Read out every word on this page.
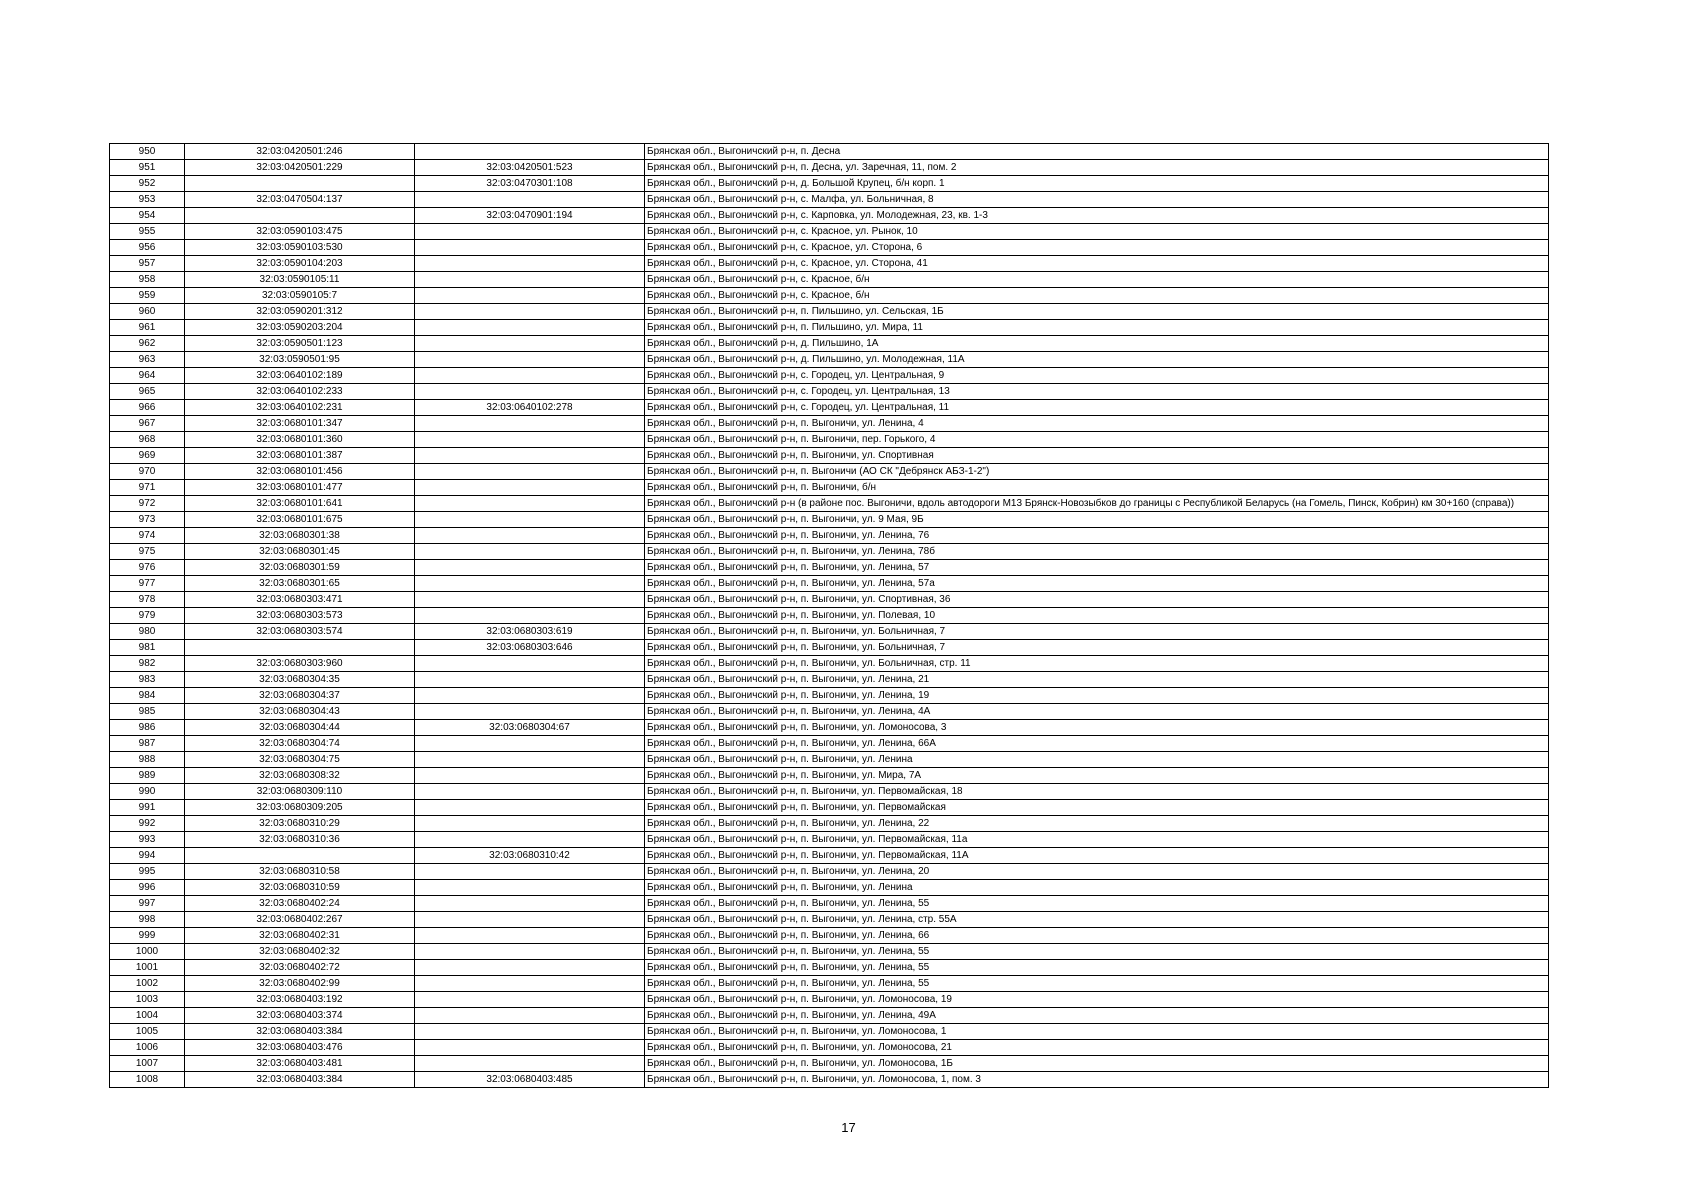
950	32:03:0420501:246		Брянская обл., Выгоничский р-н, п. Десна
951	32:03:0420501:229	32:03:0420501:523	Брянская обл., Выгоничский р-н, п. Десна, ул. Заречная, 11, пом. 2
952		32:03:0470301:108	Брянская обл., Выгоничский р-н, д. Большой Крупец, б/н корп. 1
953	32:03:0470504:137		Брянская обл., Выгоничский р-н, с. Малфа, ул. Больничная, 8
954		32:03:0470901:194	Брянская обл., Выгоничский р-н, с. Карповка, ул. Молодежная, 23, кв. 1-3
955	32:03:0590103:475		Брянская обл., Выгоничский р-н, с. Красное, ул. Рынок, 10
956	32:03:0590103:530		Брянская обл., Выгоничский р-н, с. Красное, ул. Сторона, 6
957	32:03:0590104:203		Брянская обл., Выгоничский р-н, с. Красное, ул. Сторона, 41
958	32:03:0590105:11		Брянская обл., Выгоничский р-н, с. Красное, б/н
959	32:03:0590105:7		Брянская обл., Выгоничский р-н, с. Красное, б/н
960	32:03:0590201:312		Брянская обл., Выгоничский р-н, п. Пильшино, ул. Сельская, 1Б
961	32:03:0590203:204		Брянская обл., Выгоничский р-н, п. Пильшино, ул. Мира, 11
962	32:03:0590501:123		Брянская обл., Выгоничский р-н, д. Пильшино, 1А
963	32:03:0590501:95		Брянская обл., Выгоничский р-н, д. Пильшино, ул. Молодежная, 11А
964	32:03:0640102:189		Брянская обл., Выгоничский р-н, с. Городец, ул. Центральная, 9
965	32:03:0640102:233		Брянская обл., Выгоничский р-н, с. Городец, ул. Центральная, 13
966	32:03:0640102:231	32:03:0640102:278	Брянская обл., Выгоничский р-н, с. Городец, ул. Центральная, 11
967	32:03:0680101:347		Брянская обл., Выгоничский р-н, п. Выгоничи, ул. Ленина, 4
968	32:03:0680101:360		Брянская обл., Выгоничский р-н, п. Выгоничи, пер. Горького, 4
969	32:03:0680101:387		Брянская обл., Выгоничский р-н, п. Выгоничи, ул. Спортивная
970	32:03:0680101:456		Брянская обл., Выгоничский р-н, п. Выгоничи (АО СК "Дебрянск АБЗ-1-2")
971	32:03:0680101:477		Брянская обл., Выгоничский р-н, п. Выгоничи, б/н
972	32:03:0680101:641		Брянская обл., Выгоничский р-н (в районе пос. Выгоничи, вдоль автодороги М13 Брянск-Новозыбков до границы с Республикой Беларусь (на Гомель, Пинск, Кобрин) км 30+160 (справа))
973	32:03:0680101:675		Брянская обл., Выгоничский р-н, п. Выгоничи, ул. 9 Мая, 9Б
974	32:03:0680301:38		Брянская обл., Выгоничский р-н, п. Выгоничи, ул. Ленина, 76
975	32:03:0680301:45		Брянская обл., Выгоничский р-н, п. Выгоничи, ул. Ленина, 78б
976	32:03:0680301:59		Брянская обл., Выгоничский р-н, п. Выгоничи, ул. Ленина, 57
977	32:03:0680301:65		Брянская обл., Выгоничский р-н, п. Выгоничи, ул. Ленина, 57а
978	32:03:0680303:471		Брянская обл., Выгоничский р-н, п. Выгоничи, ул. Спортивная, 36
979	32:03:0680303:573		Брянская обл., Выгоничский р-н, п. Выгоничи, ул. Полевая, 10
980	32:03:0680303:574	32:03:0680303:619	Брянская обл., Выгоничский р-н, п. Выгоничи, ул. Больничная, 7
981		32:03:0680303:646	Брянская обл., Выгоничский р-н, п. Выгоничи, ул. Больничная, 7
982	32:03:0680303:960		Брянская обл., Выгоничский р-н, п. Выгоничи, ул. Больничная, стр. 11
983	32:03:0680304:35		Брянская обл., Выгоничский р-н, п. Выгоничи, ул. Ленина, 21
984	32:03:0680304:37		Брянская обл., Выгоничский р-н, п. Выгоничи, ул. Ленина, 19
985	32:03:0680304:43		Брянская обл., Выгоничский р-н, п. Выгоничи, ул. Ленина, 4А
986	32:03:0680304:44	32:03:0680304:67	Брянская обл., Выгоничский р-н, п. Выгоничи, ул. Ломоносова, 3
987	32:03:0680304:74		Брянская обл., Выгоничский р-н, п. Выгоничи, ул. Ленина, 66А
988	32:03:0680304:75		Брянская обл., Выгоничский р-н, п. Выгоничи, ул. Ленина
989	32:03:0680308:32		Брянская обл., Выгоничский р-н, п. Выгоничи, ул. Мира, 7А
990	32:03:0680309:110		Брянская обл., Выгоничский р-н, п. Выгоничи, ул. Первомайская, 18
991	32:03:0680309:205		Брянская обл., Выгоничский р-н, п. Выгоничи, ул. Первомайская
992	32:03:0680310:29		Брянская обл., Выгоничский р-н, п. Выгоничи, ул. Ленина, 22
993	32:03:0680310:36		Брянская обл., Выгоничский р-н, п. Выгоничи, ул. Первомайская, 11а
994		32:03:0680310:42	Брянская обл., Выгоничский р-н, п. Выгоничи, ул. Первомайская, 11А
995	32:03:0680310:58		Брянская обл., Выгоничский р-н, п. Выгоничи, ул. Ленина, 20
996	32:03:0680310:59		Брянская обл., Выгоничский р-н, п. Выгоничи, ул. Ленина
997	32:03:0680402:24		Брянская обл., Выгоничский р-н, п. Выгоничи, ул. Ленина, 55
998	32:03:0680402:267		Брянская обл., Выгоничский р-н, п. Выгоничи, ул. Ленина, стр. 55А
999	32:03:0680402:31		Брянская обл., Выгоничский р-н, п. Выгоничи, ул. Ленина, 66
1000	32:03:0680402:32		Брянская обл., Выгоничский р-н, п. Выгоничи, ул. Ленина, 55
1001	32:03:0680402:72		Брянская обл., Выгоничский р-н, п. Выгоничи, ул. Ленина, 55
1002	32:03:0680402:99		Брянская обл., Выгоничский р-н, п. Выгоничи, ул. Ленина, 55
1003	32:03:0680403:192		Брянская обл., Выгоничский р-н, п. Выгоничи, ул. Ломоносова, 19
1004	32:03:0680403:374		Брянская обл., Выгоничский р-н, п. Выгоничи, ул. Ленина, 49А
1005	32:03:0680403:384		Брянская обл., Выгоничский р-н, п. Выгоничи, ул. Ломоносова, 1
1006	32:03:0680403:476		Брянская обл., Выгоничский р-н, п. Выгоничи, ул. Ломоносова, 21
1007	32:03:0680403:481		Брянская обл., Выгоничский р-н, п. Выгоничи, ул. Ломоносова, 1Б
1008	32:03:0680403:384	32:03:0680403:485	Брянская обл., Выгоничский р-н, п. Выгоничи, ул. Ломоносова, 1, пом. 3
17
